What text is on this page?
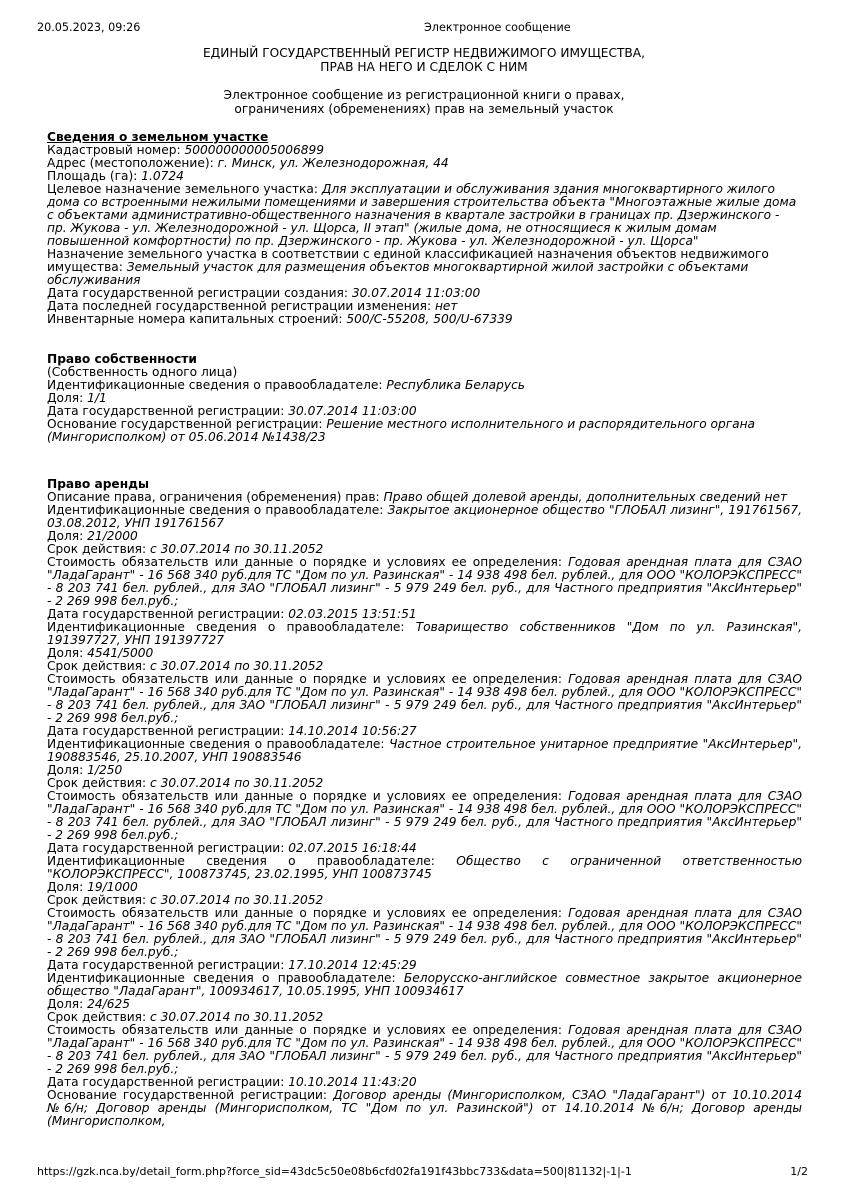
20.05.2023, 09:26	Электронное сообщение
ЕДИНЫЙ ГОСУДАРСТВЕННЫЙ РЕГИСТР НЕДВИЖИМОГО ИМУЩЕСТВА,
ПРАВ НА НЕГО И СДЕЛОК С НИМ
Электронное сообщение из регистрационной книги о правах,
ограничениях (обременениях) прав на земельный участок
Сведения о земельном участке
Кадастровый номер: 500000000005006899
Адрес (местоположение): г. Минск, ул. Железнодорожная, 44
Площадь (га): 1.0724
Целевое назначение земельного участка: Для эксплуатации и обслуживания здания многоквартирного жилого дома со встроенными нежилыми помещениями и завершения строительства объекта "Многоэтажные жилые дома с объектами административно-общественного назначения в квартале застройки в границах пр. Дзержинского - пр. Жукова - ул. Железнодорожной - ул. Щорса, II этап" (жилые дома, не относящиеся к жилым домам повышенной комфортности) по пр. Дзержинского - пр. Жукова - ул. Железнодорожной - ул. Щорса"
Назначение земельного участка в соответствии с единой классификацией назначения объектов недвижимого имущества: Земельный участок для размещения объектов многоквартирной жилой застройки с объектами обслуживания
Дата государственной регистрации создания: 30.07.2014 11:03:00
Дата последней государственной регистрации изменения: нет
Инвентарные номера капитальных строений: 500/C-55208, 500/U-67339
Право собственности
(Собственность одного лица)
Идентификационные сведения о правообладателе: Республика Беларусь
Доля: 1/1
Дата государственной регистрации: 30.07.2014 11:03:00
Основание государственной регистрации: Решение местного исполнительного и распорядительного органа (Мингорисполком) от 05.06.2014 №1438/23
Право аренды
Описание права, ограничения (обременения) прав: Право общей долевой аренды, дополнительных сведений нет
Идентификационные сведения о правообладателе: Закрытое акционерное общество "ГЛОБАЛ лизинг", 191761567, 03.08.2012, УНП 191761567
Доля: 21/2000
Срок действия: с 30.07.2014 по 30.11.2052
Стоимость обязательств или данные о порядке и условиях ее определения: Годовая арендная плата для СЗАО "ЛадаГарант" - 16 568 340 руб.для ТС "Дом по ул. Разинская" - 14 938 498 бел. рублей., для ООО "КОЛОРЭКСПРЕСС" - 8 203 741 бел. рублей., для ЗАО "ГЛОБАЛ лизинг" - 5 979 249 бел. руб., для Частного предприятия "АксИнтерьер" - 2 269 998 бел.руб.;
Дата государственной регистрации: 02.03.2015 13:51:51
Идентификационные сведения о правообладателе: Товарищество собственников "Дом по ул. Разинская", 191397727, УНП 191397727
Доля: 4541/5000
Срок действия: с 30.07.2014 по 30.11.2052
Стоимость обязательств или данные о порядке и условиях ее определения: Годовая арендная плата для СЗАО "ЛадаГарант" - 16 568 340 руб.для ТС "Дом по ул. Разинская" - 14 938 498 бел. рублей., для ООО "КОЛОРЭКСПРЕСС" - 8 203 741 бел. рублей., для ЗАО "ГЛОБАЛ лизинг" - 5 979 249 бел. руб., для Частного предприятия "АксИнтерьер" - 2 269 998 бел.руб.;
Дата государственной регистрации: 14.10.2014 10:56:27
Идентификационные сведения о правообладателе: Частное строительное унитарное предприятие "АксИнтерьер", 190883546, 25.10.2007, УНП 190883546
Доля: 1/250
Срок действия: с 30.07.2014 по 30.11.2052
Стоимость обязательств или данные о порядке и условиях ее определения: Годовая арендная плата для СЗАО "ЛадаГарант" - 16 568 340 руб.для ТС "Дом по ул. Разинская" - 14 938 498 бел. рублей., для ООО "КОЛОРЭКСПРЕСС" - 8 203 741 бел. рублей., для ЗАО "ГЛОБАЛ лизинг" - 5 979 249 бел. руб., для Частного предприятия "АксИнтерьер" - 2 269 998 бел.руб.;
Дата государственной регистрации: 02.07.2015 16:18:44
Идентификационные сведения о правообладателе: Общество с ограниченной ответственностью "КОЛОРЭКСПРЕСС", 100873745, 23.02.1995, УНП 100873745
Доля: 19/1000
Срок действия: с 30.07.2014 по 30.11.2052
Стоимость обязательств или данные о порядке и условиях ее определения: Годовая арендная плата для СЗАО "ЛадаГарант" - 16 568 340 руб.для ТС "Дом по ул. Разинская" - 14 938 498 бел. рублей., для ООО "КОЛОРЭКСПРЕСС" - 8 203 741 бел. рублей., для ЗАО "ГЛОБАЛ лизинг" - 5 979 249 бел. руб., для Частного предприятия "АксИнтерьер" - 2 269 998 бел.руб.;
Дата государственной регистрации: 17.10.2014 12:45:29
Идентификационные сведения о правообладателе: Белорусско-английское совместное закрытое акционерное общество "ЛадаГарант", 100934617, 10.05.1995, УНП 100934617
Доля: 24/625
Срок действия: с 30.07.2014 по 30.11.2052
Стоимость обязательств или данные о порядке и условиях ее определения: Годовая арендная плата для СЗАО "ЛадаГарант" - 16 568 340 руб.для ТС "Дом по ул. Разинская" - 14 938 498 бел. рублей., для ООО "КОЛОРЭКСПРЕСС" - 8 203 741 бел. рублей., для ЗАО "ГЛОБАЛ лизинг" - 5 979 249 бел. руб., для Частного предприятия "АксИнтерьер" - 2 269 998 бел.руб.;
Дата государственной регистрации: 10.10.2014 11:43:20
Основание государственной регистрации: Договор аренды (Мингорисполком, СЗАО "ЛадаГарант") от 10.10.2014 №6/н; Договор аренды (Мингорисполком, ТС "Дом по ул. Разинской") от 14.10.2014 №6/н; Договор аренды (Мингорисполком,
https://gzk.nca.by/detail_form.php?force_sid=43dc5c50e08b6cfd02fa191f43bbc733&data=500|81132|-1|-1	1/2
